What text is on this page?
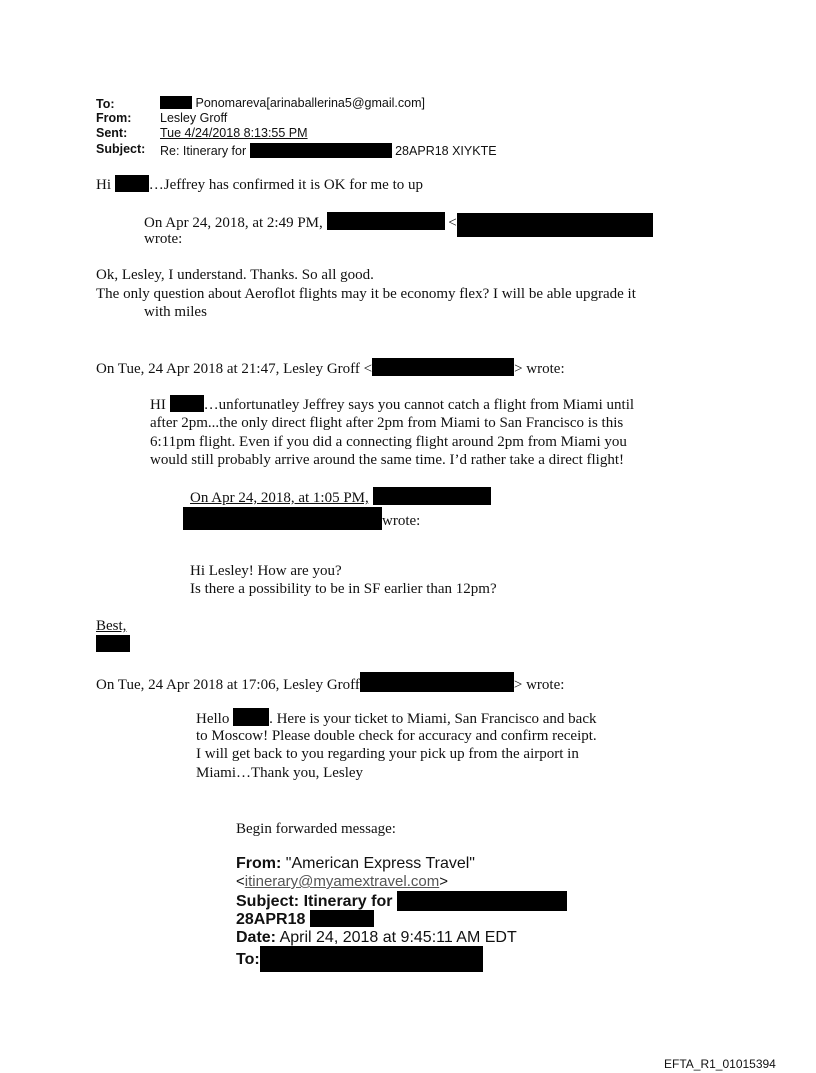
To:	Ponomareva[arinaballerina5@gmail.com]
From: Lesley Groff
Sent:	Tue 4/24/2018 8:13:55 PM
Subject: Re: Itinerary for	28APR18 XIYKTE
Hi	…Jeffrey has confirmed it is OK for me to up
On Apr 24, 2018, at 2:49 PM,	<
wrote:
Ok, Lesley, I understand. Thanks. So all good.
The only question about Aeroflot flights may it be economy flex? I will be able upgrade it
with miles
On Tue, 24 Apr 2018 at 21:47, Lesley Groff <	> wrote:
HI	…unfortunatley Jeffrey says you cannot catch a flight from Miami until
after 2pm...the only direct flight after 2pm from Miami to San Francisco is this
6:11pm flight. Even if you did a connecting flight around 2pm from Miami you
would still probably arrive around the same time. I’d rather take a direct flight!
On Apr 24, 2018, at 1:05 PM,
wrote:
Hi Lesley! How are you?
Is there a possibility to be in SF earlier than 12pm?
Best,
On Tue, 24 Apr 2018 at 17:06, Lesley Groff	> wrote:
Hello	. Here is your ticket to Miami, San Francisco and back
to Moscow! Please double check for accuracy and confirm receipt.
I will get back to you regarding your pick up from the airport in
Miami…Thank you, Lesley
Begin forwarded message:
From: "American Express Travel"
<itinerary@myamextravel.com>
Subject: Itinerary for
28APR18
Date: April 24, 2018 at 9:45:11 AM EDT
To:
EFTA_R1_01015394
